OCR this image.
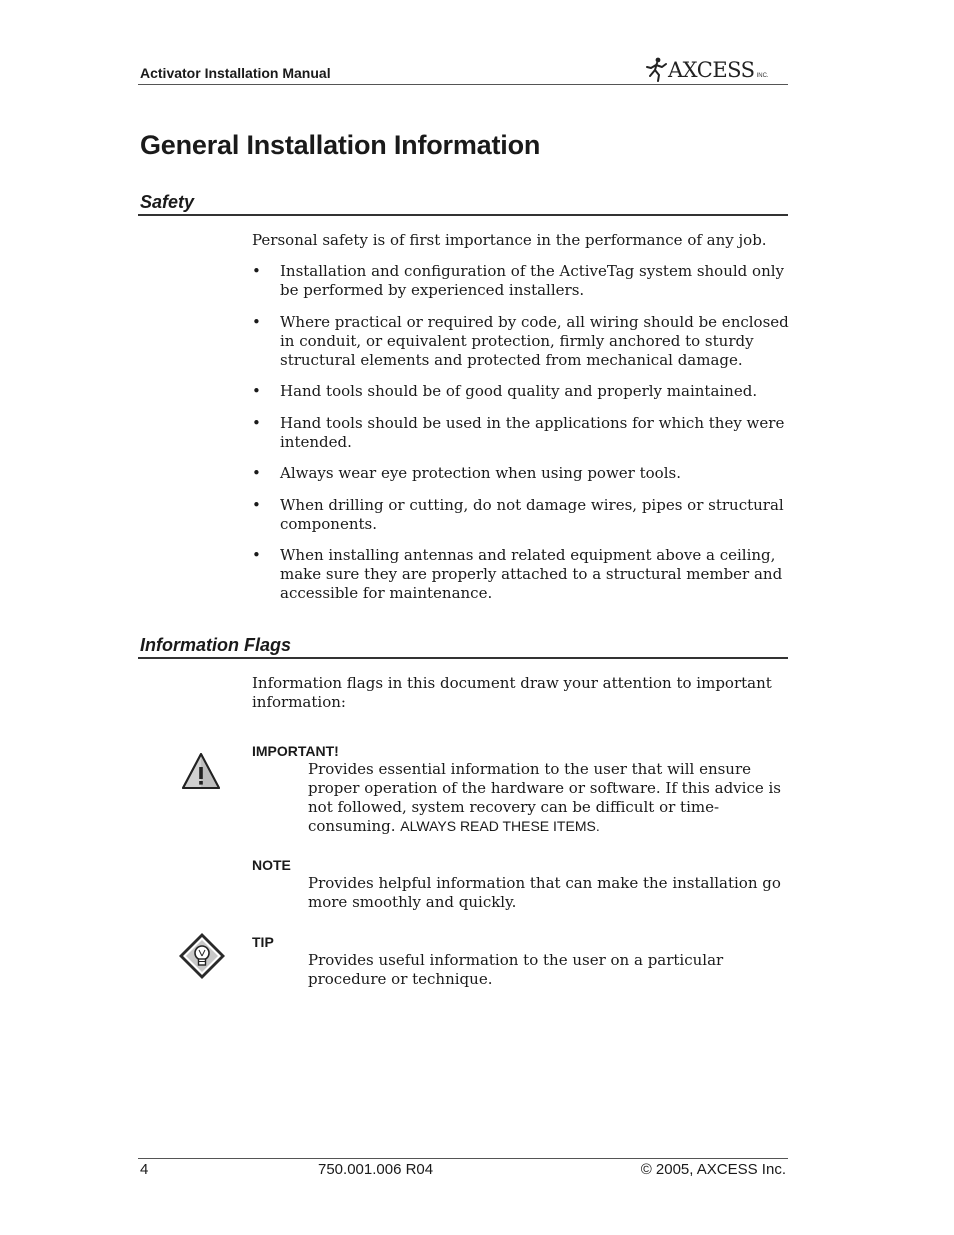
Activator Installation Manual	AXCESS INC.
General Installation Information
Safety
Personal safety is of first importance in the performance of any job.
• Installation and configuration of the ActiveTag system should only be performed by experienced installers.
• Where practical or required by code, all wiring should be enclosed in conduit, or equivalent protection, firmly anchored to sturdy structural elements and protected from mechanical damage.
• Hand tools should be of good quality and properly maintained.
• Hand tools should be used in the applications for which they were intended.
• Always wear eye protection when using power tools.
• When drilling or cutting, do not damage wires, pipes or structural components.
• When installing antennas and related equipment above a ceiling, make sure they are properly attached to a structural member and accessible for maintenance.
Information Flags
Information flags in this document draw your attention to important information:
IMPORTANT!
Provides essential information to the user that will ensure proper operation of the hardware or software. If this advice is not followed, system recovery can be difficult or time-consuming. ALWAYS READ THESE ITEMS.
NOTE
Provides helpful information that can make the installation go more smoothly and quickly.
TIP
Provides useful information to the user on a particular procedure or technique.
4	750.001.006 R04	© 2005, AXCESS Inc.
